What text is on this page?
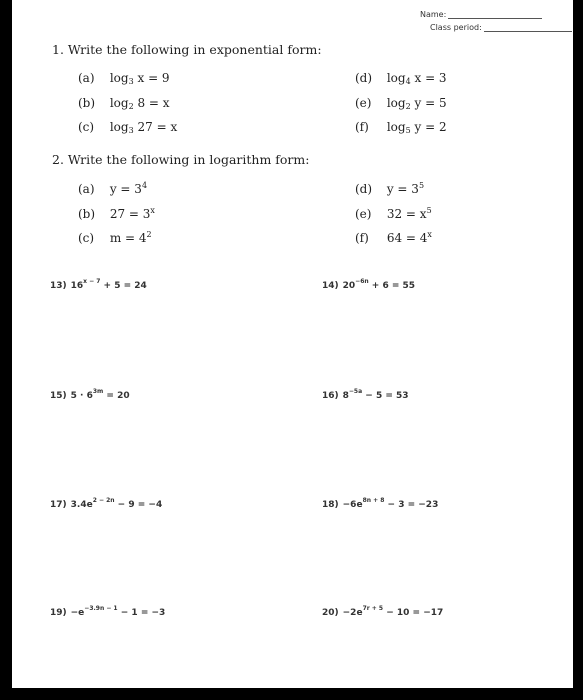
Name:
Class period:
1. Write the following in exponential form:
(a) $\log_3 x = 9$
(b) $\log_2 8 = x$
(c) $\log_3 27 = x$
(d) $\log_4 x = 3$
(e) $\log_2 y = 5$
(f) $\log_5 y = 2$
2. Write the following in logarithm form:
(a) $y = 3^4$
(b) $27 = 3^x$
(c) $m = 4^2$
(d) $y = 3^5$
(e) $32 = x^5$
(f) $64 = 4^x$
13) $16^{x - 7} + 5 = 24$	14) $20^{-6n} + 6 = 55$
15) $5 \cdot 6^{3m} = 20$	16) $8^{-5a} - 5 = 53$
17) $3.4e^{2 - 2n} - 9 = -4$	$18) -6e^{8n + 8} - 3 = -23$
$19) -e^{-3.9n - 1} - 1 = -3$	$20) -2e^{7r + 5} - 10 = -17$
